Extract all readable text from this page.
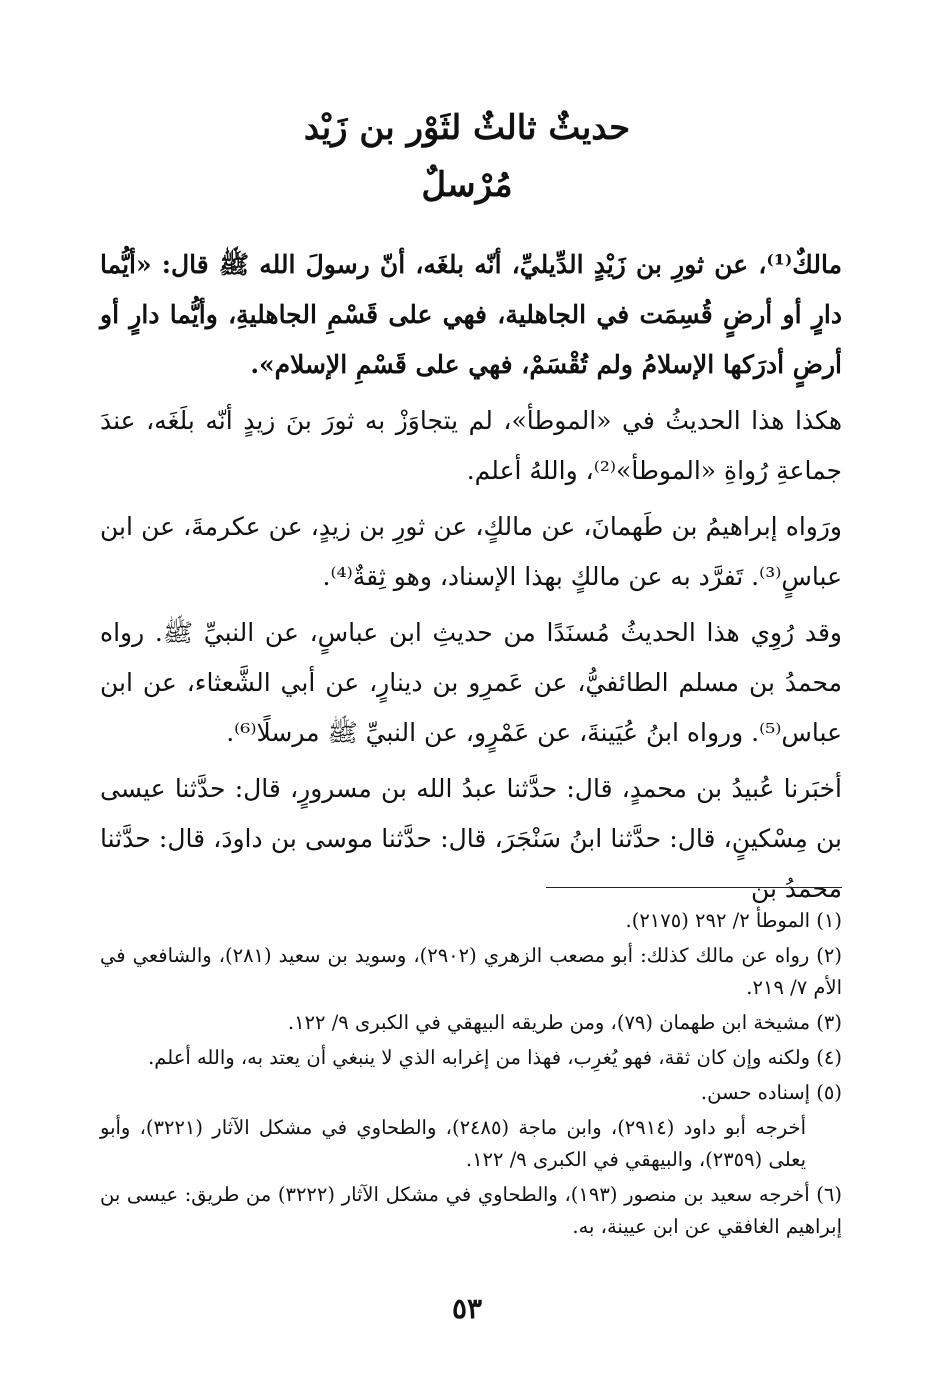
حديثٌ ثالثٌ لثَوْر بن زَيْد
مُرْسلٌ

مالكٌ⁽¹⁾، عن ثورِ بن زَيْدٍ الدِّيليِّ، أنّه بلغَه، أنّ رسولَ الله ﷺ قال: «أيُّما دارٍ أو أرضٍ قُسِمَت في الجاهلية، فهي على قَسْمِ الجاهليةِ، وأيُّما دارٍ أو أرضٍ أدرَكها الإسلامُ ولم تُقْسَمْ، فهي على قَسْمِ الإسلام».

هكذا هذا الحديثُ في «الموطأ»، لم يتجاوَزْ به ثورَ بنَ زيدٍ أنّه بلَغَه، عندَ جماعةِ رُواةِ «الموطأ»⁽²⁾، واللهُ أعلم.

ورَواه إبراهيمُ بن طَهمانَ، عن مالكٍ، عن ثورِ بن زيدٍ، عن عكرمةَ، عن ابن عباسٍ⁽³⁾. تَفرَّد به عن مالكٍ بهذا الإسناد، وهو ثِقةٌ⁽⁴⁾.

وقد رُوِي هذا الحديثُ مُسنَدًا من حديثِ ابن عباسٍ، عن النبيِّ ﷺ. رواه محمدُ بن مسلم الطائفيُّ، عن عَمرِو بن دينارٍ، عن أبي الشَّعثاء، عن ابن عباس⁽⁵⁾. ورواه ابنُ عُيَينةَ، عن عَمْرٍو، عن النبيِّ ﷺ مرسلًا⁽⁶⁾.

أخبَرنا عُبيدُ بن محمدٍ، قال: حدَّثنا عبدُ الله بن مسرورٍ، قال: حدَّثنا عيسى بن مِسْكينٍ، قال: حدَّثنا ابنُ سَنْجَرَ، قال: حدَّثنا موسى بن داودَ، قال: حدَّثنا محمدُ بن

(١) الموطأ ٢/ ٢٩٢ (٢١٧٥).

(٢) رواه عن مالك كذلك: أبو مصعب الزهري (٢٩٠٢)، وسويد بن سعيد (٢٨١)، والشافعي في الأم ٧/ ٢١٩.

(٣) مشيخة ابن طهمان (٧٩)، ومن طريقه البيهقي في الكبرى ٩/ ١٢٢.

(٤) ولكنه وإن كان ثقة، فهو يُغرِب، فهذا من إغرابه الذي لا ينبغي أن يعتد به، والله أعلم.

(٥) إسناده حسن.

أخرجه أبو داود (٢٩١٤)، وابن ماجة (٢٤٨٥)، والطحاوي في مشكل الآثار (٣٢٢١)، وأبو يعلى (٢٣٥٩)، والبيهقي في الكبرى ٩/ ١٢٢.

(٦) أخرجه سعيد بن منصور (١٩٣)، والطحاوي في مشكل الآثار (٣٢٢٢) من طريق: عيسى بن إبراهيم الغافقي عن ابن عيينة، به.

٥٣
